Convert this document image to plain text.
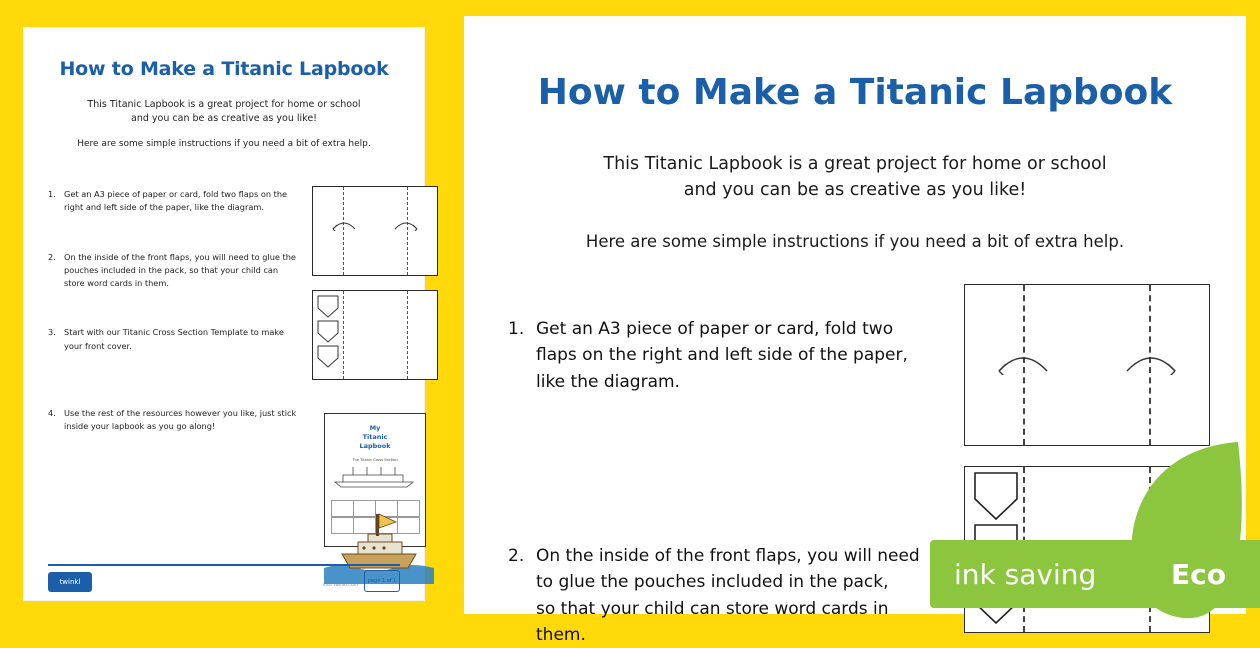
How to Make a Titanic Lapbook
This Titanic Lapbook is a great project for home or school
and you can be as creative as you like!
Here are some simple instructions if you need a bit of extra help.
1. Get an A3 piece of paper or card, fold two flaps on the right and left side of the paper, like the diagram.
2. On the inside of the front flaps, you will need to glue the pouches included in the pack, so that your child can store word cards in them.
3. Start with our Titanic Cross Section Template to make your front cover.
4. Use the rest of the resources however you like, just stick inside your lapbook as you go along!	My
Titanic
Lapbook
The Titanic Cross Section
twinkl	visit twinkl.com
page 1 of 1
How to Make a Titanic Lapbook
This Titanic Lapbook is a great project for home or school
and you can be as creative as you like!
Here are some simple instructions if you need a bit of extra help.
1. Get an A3 piece of paper or card, fold two
flaps on the right and left side of the paper,
like the diagram.
2. On the inside of the front flaps, you will need
to glue the pouches included in the pack,
so that your child can store word cards in them.
ink saving	Eco
